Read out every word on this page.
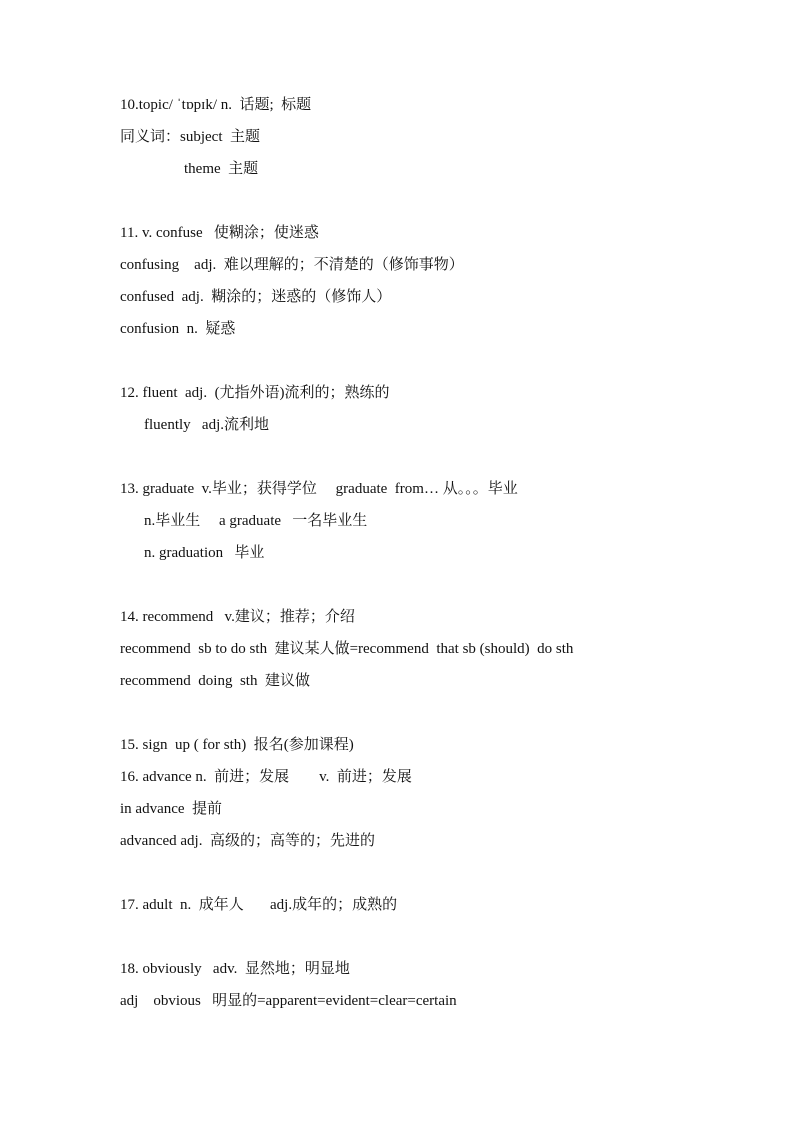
10.topic/ ˈtɒpɪk/ n.  话题;  标题
同义词：subject  主题
theme  主题
11. v. confuse   使糊涂；使迷惑
confusing    adj.  难以理解的；不清楚的（修饰事物）
confused  adj.  糊涂的；迷惑的（修饰人）
confusion  n.  疑惑
12. fluent  adj.  (尤指外语)流利的；熟练的
fluently   adj.流利地
13. graduate  v.毕业；获得学位     graduate  from… 从。。。毕业
n.毕业生     a graduate   一名毕业生
n. graduation   毕业
14. recommend   v.建议；推荐；介绍
recommend  sb to do sth  建议某人做=recommend  that sb (should)  do sth
recommend  doing  sth  建议做
15. sign  up ( for sth)  报名(参加课程)
16. advance n.  前进；发展        v.  前进；发展
in advance  提前
advanced adj.  高级的；高等的；先进的
17. adult  n.  成年人       adj.成年的；成熟的
18. obviously   adv.  显然地；明显地
adj    obvious   明显的=apparent=evident=clear=certain
